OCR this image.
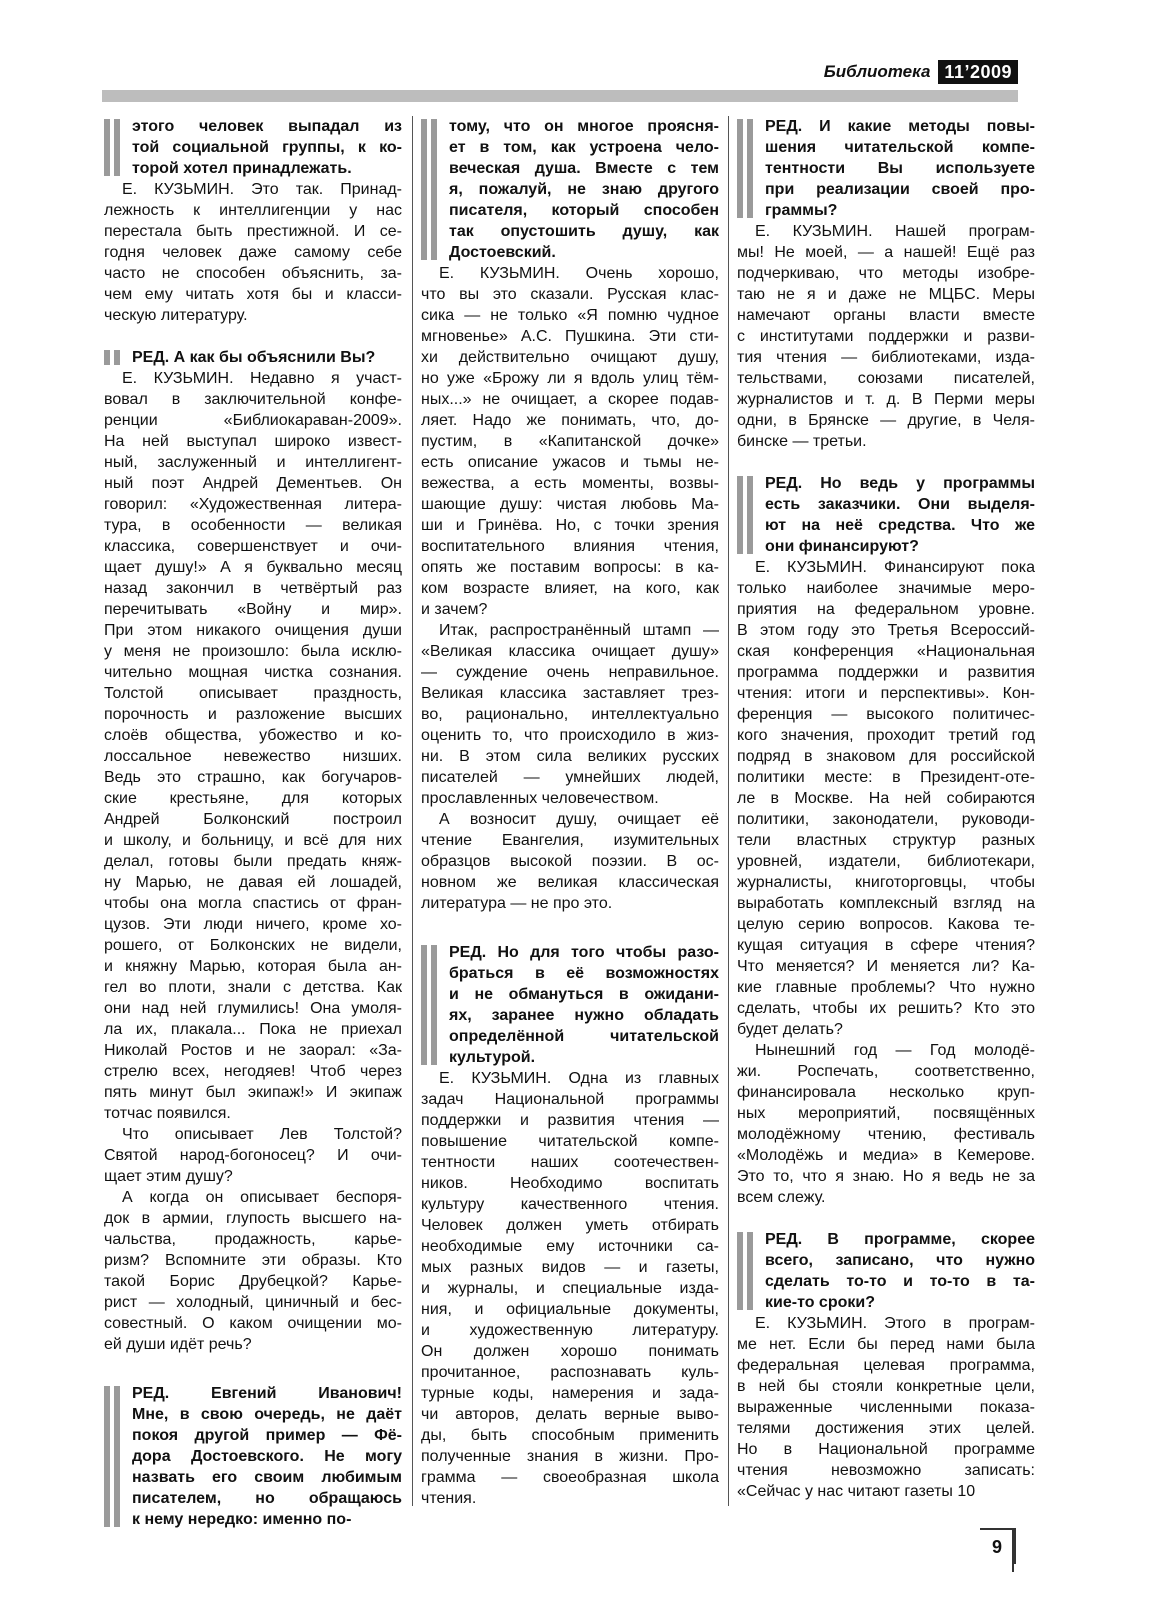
Библиотека 11’2009
этого человек выпадал из
той социальной группы, к ко-
торой хотел принадлежать.
Е. КУЗЬМИН. Это так. Принад-
лежность к интеллигенции у нас
перестала быть престижной. И се-
годня человек даже самому себе
часто не способен объяснить, за-
чем ему читать хотя бы и класси-
ческую литературу.
РЕД. А как бы объяснили Вы?
Е. КУЗЬМИН. Недавно я участ-
вовал в заключительной конфе-
ренции «Библиокараван-2009».
На ней выступал широко извест-
ный, заслуженный и интеллигент-
ный поэт Андрей Дементьев. Он
говорил: «Художественная литера-
тура, в особенности — великая
классика, совершенствует и очи-
щает душу!» А я буквально месяц
назад закончил в четвёртый раз
перечитывать «Войну и мир».
При этом никакого очищения души
у меня не произошло: была исклю-
чительно мощная чистка сознания.
Толстой описывает праздность,
порочность и разложение высших
слоёв общества, убожество и ко-
лоссальное невежество низших.
Ведь это страшно, как богучаров-
ские крестьяне, для которых
Андрей Болконский построил
и школу, и больницу, и всё для них
делал, готовы были предать княж-
ну Марью, не давая ей лошадей,
чтобы она могла спастись от фран-
цузов. Эти люди ничего, кроме хо-
рошего, от Болконских не видели,
и княжну Марью, которая была ан-
гел во плоти, знали с детства. Как
они над ней глумились! Она умоля-
ла их, плакала... Пока не приехал
Николай Ростов и не заорал: «За-
стрелю всех, негодяев! Чтоб через
пять минут был экипаж!» И экипаж
тотчас появился.
Что описывает Лев Толстой?
Святой народ-богоносец? И очи-
щает этим душу?
А когда он описывает беспоря-
док в армии, глупость высшего на-
чальства, продажность, карье-
ризм? Вспомните эти образы. Кто
такой Борис Друбецкой? Карье-
рист — холодный, циничный и бес-
совестный. О каком очищении мо-
ей души идёт речь?
РЕД. Евгений Иванович!
Мне, в свою очередь, не даёт
покоя другой пример — Фё-
дора Достоевского. Не могу
назвать его своим любимым
писателем, но обращаюсь
к нему нередко: именно по-
тому, что он многое проясня-
ет в том, как устроена чело-
веческая душа. Вместе с тем
я, пожалуй, не знаю другого
писателя, который способен
так опустошить душу, как
Достоевский.
Е. КУЗЬМИН. Очень хорошо,
что вы это сказали. Русская клас-
сика — не только «Я помню чудное
мгновенье» А.С. Пушкина. Эти сти-
хи действительно очищают душу,
но уже «Брожу ли я вдоль улиц тём-
ных...» не очищает, а скорее подав-
ляет. Надо же понимать, что, до-
пустим, в «Капитанской дочке»
есть описание ужасов и тьмы не-
вежества, а есть моменты, возвы-
шающие душу: чистая любовь Ма-
ши и Гринёва. Но, с точки зрения
воспитательного влияния чтения,
опять же поставим вопросы: в ка-
ком возрасте влияет, на кого, как
и зачем?
Итак, распространённый штамп —
«Великая классика очищает душу»
— суждение очень неправильное.
Великая классика заставляет трез-
во, рационально, интеллектуально
оценить то, что происходило в жиз-
ни. В этом сила великих русских
писателей — умнейших людей,
прославленных человечеством.
А возносит душу, очищает её
чтение Евангелия, изумительных
образцов высокой поэзии. В ос-
новном же великая классическая
литература — не про это.
РЕД. Но для того чтобы разо-
браться в её возможностях
и не обмануться в ожидани-
ях, заранее нужно обладать
определённой читательской
культурой.
Е. КУЗЬМИН. Одна из главных
задач Национальной программы
поддержки и развития чтения —
повышение читательской компе-
тентности наших соотечествен-
ников. Необходимо воспитать
культуру качественного чтения.
Человек должен уметь отбирать
необходимые ему источники са-
мых разных видов — и газеты,
и журналы, и специальные изда-
ния, и официальные документы,
и художественную литературу.
Он должен хорошо понимать
прочитанное, распознавать куль-
турные коды, намерения и зада-
чи авторов, делать верные выво-
ды, быть способным применить
полученные знания в жизни. Про-
грамма — своеобразная школа
чтения.
РЕД. И какие методы повы-
шения читательской компе-
тентности Вы используете
при реализации своей про-
граммы?
Е. КУЗЬМИН. Нашей програм-
мы! Не моей, — а нашей! Ещё раз
подчеркиваю, что методы изобре-
таю не я и даже не МЦБС. Меры
намечают органы власти вместе
с институтами поддержки и разви-
тия чтения — библиотеками, изда-
тельствами, союзами писателей,
журналистов и т. д. В Перми меры
одни, в Брянске — другие, в Челя-
бинске — третьи.
РЕД. Но ведь у программы
есть заказчики. Они выделя-
ют на неё средства. Что же
они финансируют?
Е. КУЗЬМИН. Финансируют пока
только наиболее значимые меро-
приятия на федеральном уровне.
В этом году это Третья Всероссий-
ская конференция «Национальная
программа поддержки и развития
чтения: итоги и перспективы». Кон-
ференция — высокого политичес-
кого значения, проходит третий год
подряд в знаковом для российской
политики месте: в Президент-оте-
ле в Москве. На ней собираются
политики, законодатели, руководи-
тели властных структур разных
уровней, издатели, библиотекари,
журналисты, книготорговцы, чтобы
выработать комплексный взгляд на
целую серию вопросов. Какова те-
кущая ситуация в сфере чтения?
Что меняется? И меняется ли? Ка-
кие главные проблемы? Что нужно
сделать, чтобы их решить? Кто это
будет делать?
Нынешний год — Год молодё-
жи. Роспечать, соответственно,
финансировала несколько круп-
ных мероприятий, посвящённых
молодёжному чтению, фестиваль
«Молодёжь и медиа» в Кемерове.
Это то, что я знаю. Но я ведь не за
всем слежу.
РЕД. В программе, скорее
всего, записано, что нужно
сделать то-то и то-то в та-
кие-то сроки?
Е. КУЗЬМИН. Этого в програм-
ме нет. Если бы перед нами была
федеральная целевая программа,
в ней бы стояли конкретные цели,
выраженные численными показа-
телями достижения этих целей.
Но в Национальной программе
чтения невозможно записать:
«Сейчас у нас читают газеты 10
9
